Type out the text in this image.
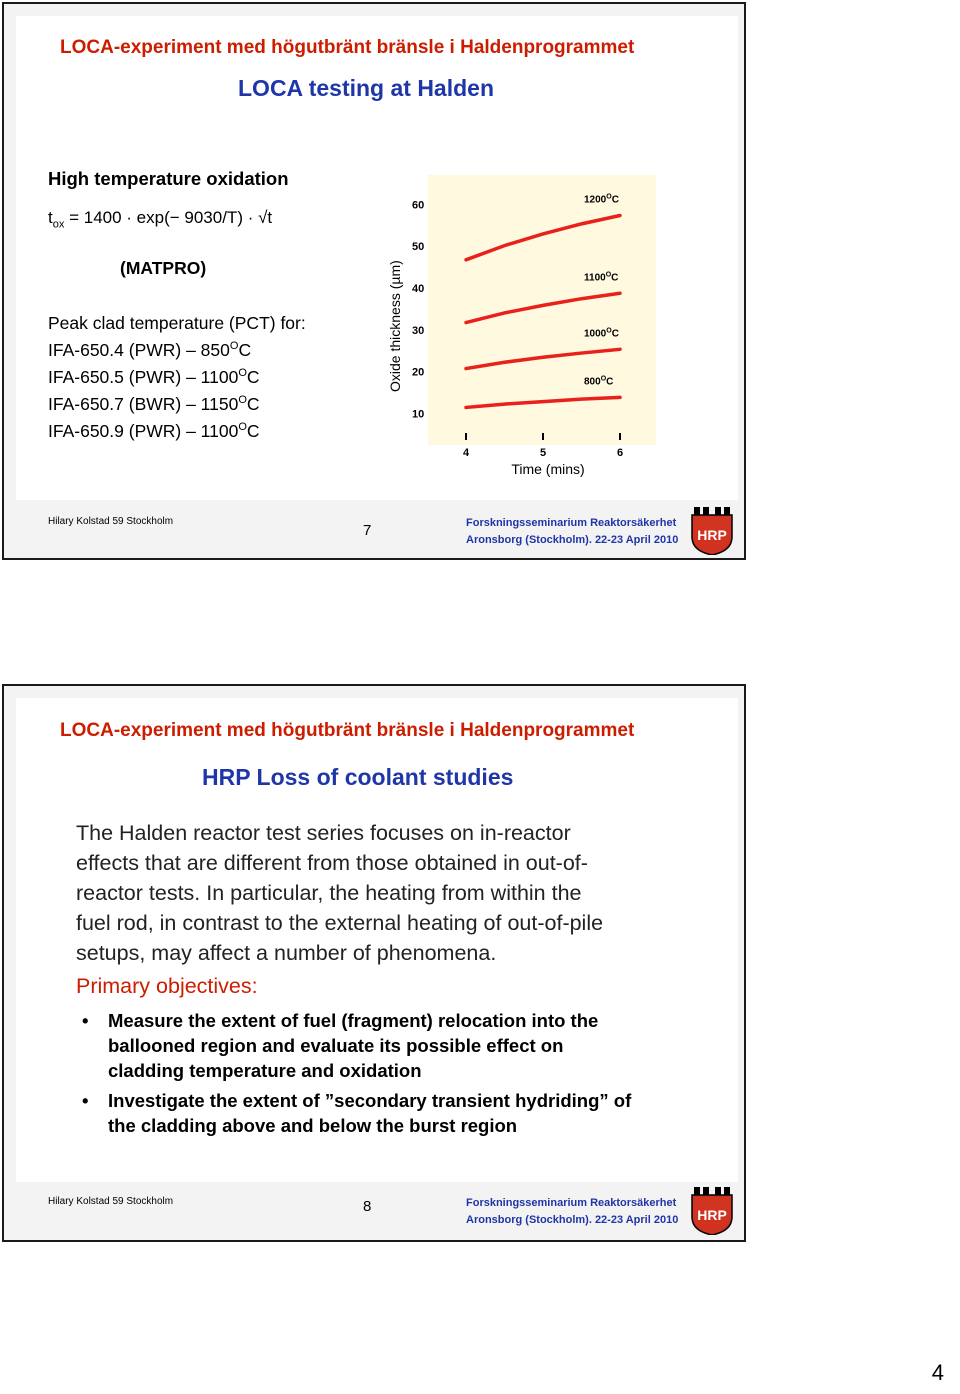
LOCA-experiment med högutbränt bränsle i Haldenprogrammet
LOCA testing at Halden
High temperature oxidation
$t_{ox} = 1400 \cdot \exp(- 9030/T) \cdot √t$
(MATPRO)
Peak clad temperature (PCT) for:
IFA-650.4 $(PWR) - 850^OC$
IFA-650.5 $(PWR) - 1100^OC$
IFA-650.7 $(BWR) - 1150^OC$
IFA-650.9 $(PWR) - 1100^OC$
Oxide thickness (µm)
60
50
40
30
20
10
4	5	6
$1200^OC$
$1100^OC$
$1000^OC$
$800^OC$
Time (mins)
Hilary Kolstad 59 Stockholm
7	Forskningsseminarium Reaktorsäkerhet
Aronsborg (Stockholm). 22-23 April 2010 HRP
LOCA-experiment med högutbränt bränsle i Haldenprogrammet
HRP Loss of coolant studies
The Halden reactor test series focuses on in-reactor
effects that are different from those obtained in out-of-
reactor tests. In particular, the heating from within the
fuel rod, in contrast to the external heating of out-of-pile
setups, may affect a number of phenomena.
Primary objectives:
• Measure the extent of fuel (fragment) relocation into the
ballooned region and evaluate its possible effect on
cladding temperature and oxidation
• Investigate the extent of ”secondary transient hydriding” of
the cladding above and below the burst region
Hilary Kolstad 59 Stockholm	8	Forskningsseminarium Reaktorsäkerhet
Aronsborg (Stockholm). 22-23 April 2010 HRP
4
